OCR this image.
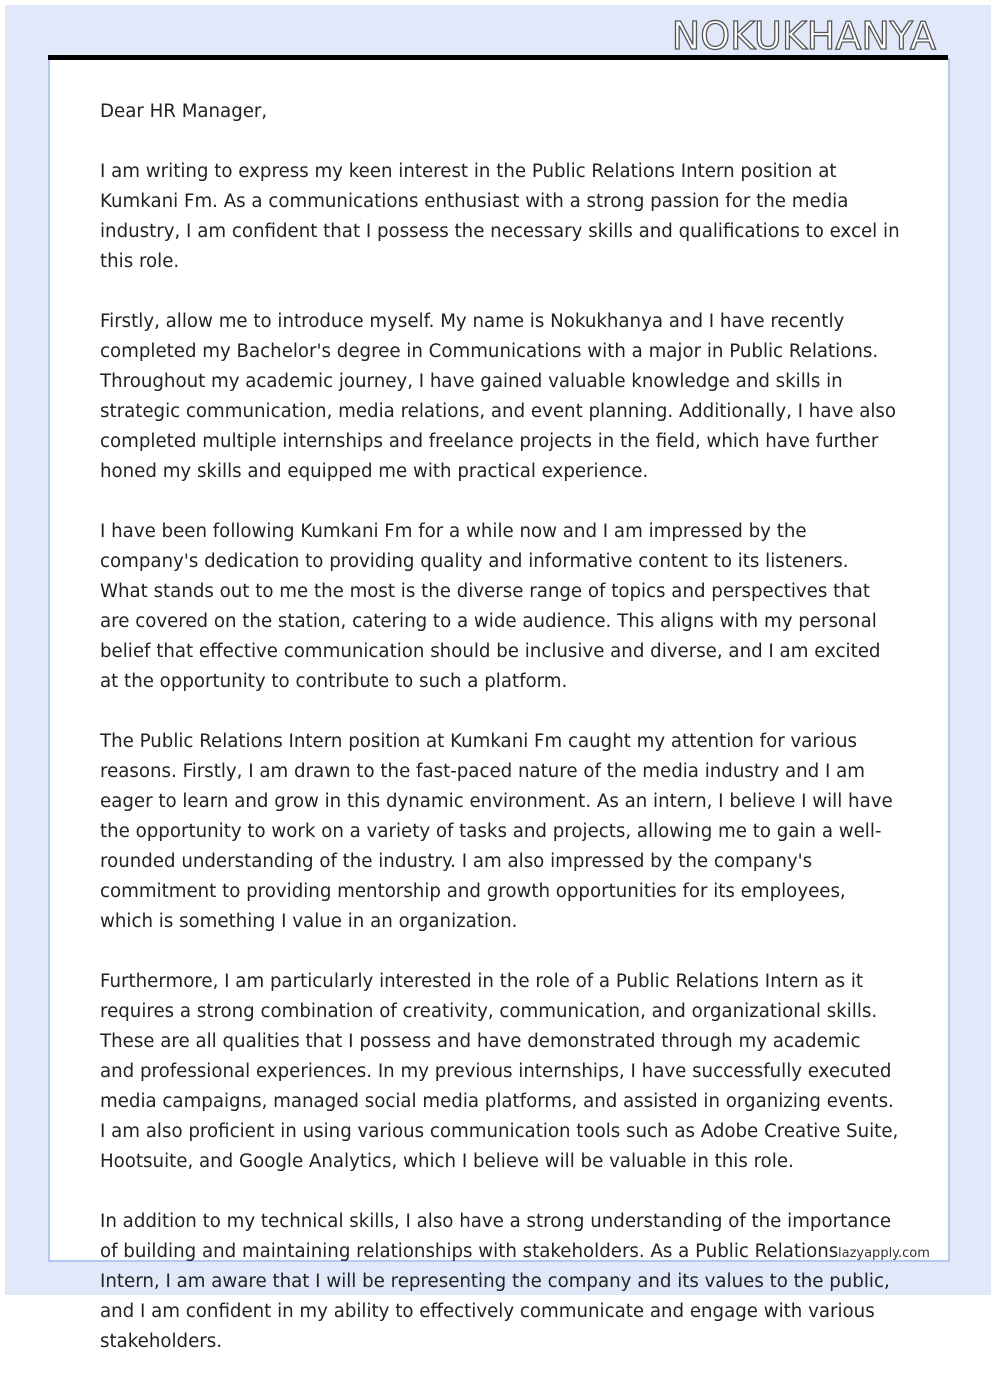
NOKUKHANYA

Dear HR Manager,

I am writing to express my keen interest in the Public Relations Intern position at Kumkani Fm. As a communications enthusiast with a strong passion for the media industry, I am confident that I possess the necessary skills and qualifications to excel in this role.

Firstly, allow me to introduce myself. My name is Nokukhanya and I have recently completed my Bachelor's degree in Communications with a major in Public Relations. Throughout my academic journey, I have gained valuable knowledge and skills in strategic communication, media relations, and event planning. Additionally, I have also completed multiple internships and freelance projects in the field, which have further honed my skills and equipped me with practical experience.

I have been following Kumkani Fm for a while now and I am impressed by the company's dedication to providing quality and informative content to its listeners. What stands out to me the most is the diverse range of topics and perspectives that are covered on the station, catering to a wide audience. This aligns with my personal belief that effective communication should be inclusive and diverse, and I am excited at the opportunity to contribute to such a platform.

The Public Relations Intern position at Kumkani Fm caught my attention for various reasons. Firstly, I am drawn to the fast-paced nature of the media industry and I am eager to learn and grow in this dynamic environment. As an intern, I believe I will have the opportunity to work on a variety of tasks and projects, allowing me to gain a well-rounded understanding of the industry. I am also impressed by the company's commitment to providing mentorship and growth opportunities for its employees, which is something I value in an organization.

Furthermore, I am particularly interested in the role of a Public Relations Intern as it requires a strong combination of creativity, communication, and organizational skills. These are all qualities that I possess and have demonstrated through my academic and professional experiences. In my previous internships, I have successfully executed media campaigns, managed social media platforms, and assisted in organizing events. I am also proficient in using various communication tools such as Adobe Creative Suite, Hootsuite, and Google Analytics, which I believe will be valuable in this role.

In addition to my technical skills, I also have a strong understanding of the importance of building and maintaining relationships with stakeholders. As a Public Relations Intern, I am aware that I will be representing the company and its values to the public, and I am confident in my ability to effectively communicate and engage with various stakeholders.

lazyapply.com
